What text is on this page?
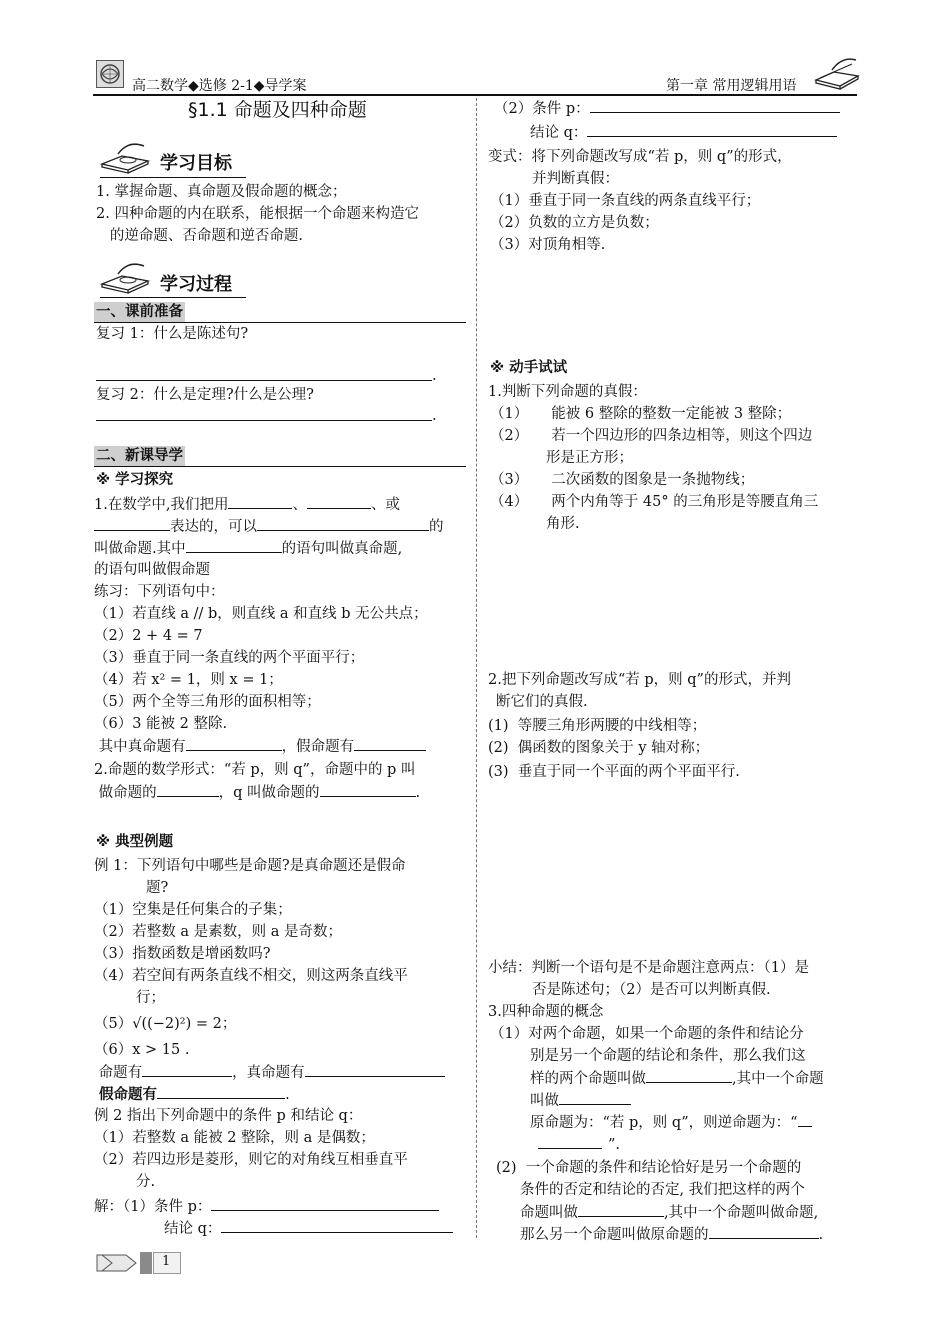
高二数学◆选修 2-1◆导学案	第一章 常用逻辑用语
§1.1 命题及四种命题
学习目标
1. 掌握命题、真命题及假命题的概念；
2. 四种命题的内在联系，能根据一个命题来构造它
的逆命题、否命题和逆否命题.
学习过程
一、课前准备
复习 1：什么是陈述句?
.
复习 2：什么是定理?什么是公理?
.
二、新课导学
※ 学习探究
1.在数学中,我们把用	、	、或
表达的，可以	的
叫做命题.其中	的语句叫做真命题,
的语句叫做假命题
练习：下列语句中：
（1）若直线 a // b，则直线 a 和直线 b 无公共点；
（2）2 + 4 = 7
（3）垂直于同一条直线的两个平面平行；
（4）若 x² = 1，则 x = 1；
（5）两个全等三角形的面积相等；
（6）3 能被 2 整除.
其中真命题有	，假命题有
2.命题的数学形式：“若 p，则 q”，命题中的 p 叫
做命题的	，q 叫做命题的	.
※ 典型例题
例 1：下列语句中哪些是命题?是真命题还是假命
题?
（1）空集是任何集合的子集；
（2）若整数 a 是素数，则 a 是奇数；
（3）指数函数是增函数吗?
（4）若空间有两条直线不相交，则这两条直线平
行；
（5）√((−2)²) = 2；
（6）x > 15 .
命题有	，真命题有
假命题有	.
例 2 指出下列命题中的条件 p 和结论 q：
（1）若整数 a 能被 2 整除，则 a 是偶数；
（2）若四边形是菱形，则它的对角线互相垂直平
分.
解：（1）条件 p：
结论 q：
（2）条件 p：
结论 q：
变式：将下列命题改写成“若 p，则 q”的形式，
并判断真假：
（1）垂直于同一条直线的两条直线平行；
（2）负数的立方是负数；
（3）对顶角相等.
※ 动手试试
1.判断下列命题的真假：
（1）     能被 6 整除的整数一定能被 3 整除；
（2）     若一个四边形的四条边相等，则这个四边
形是正方形；
（3）     二次函数的图象是一条抛物线；
（4）     两个内角等于 45° 的三角形是等腰直角三
角形.
2.把下列命题改写成“若 p，则 q”的形式，并判
断它们的真假.
(1)  等腰三角形两腰的中线相等；
(2)  偶函数的图象关于 y 轴对称；
(3)  垂直于同一个平面的两个平面平行.
小结：判断一个语句是不是命题注意两点：（1）是
否是陈述句；（2）是否可以判断真假.
3.四种命题的概念
（1）对两个命题，如果一个命题的条件和结论分
别是另一个命题的结论和条件，那么我们这
样的两个命题叫做	,其中一个命题
叫做
原命题为：“若 p，则 q”，则逆命题为：“
”.
(2)  一个命题的条件和结论恰好是另一个命题的
条件的否定和结论的否定, 我们把这样的两个
命题叫做	,其中一个命题叫做命题,
那么另一个命题叫做原命题的	.
1
